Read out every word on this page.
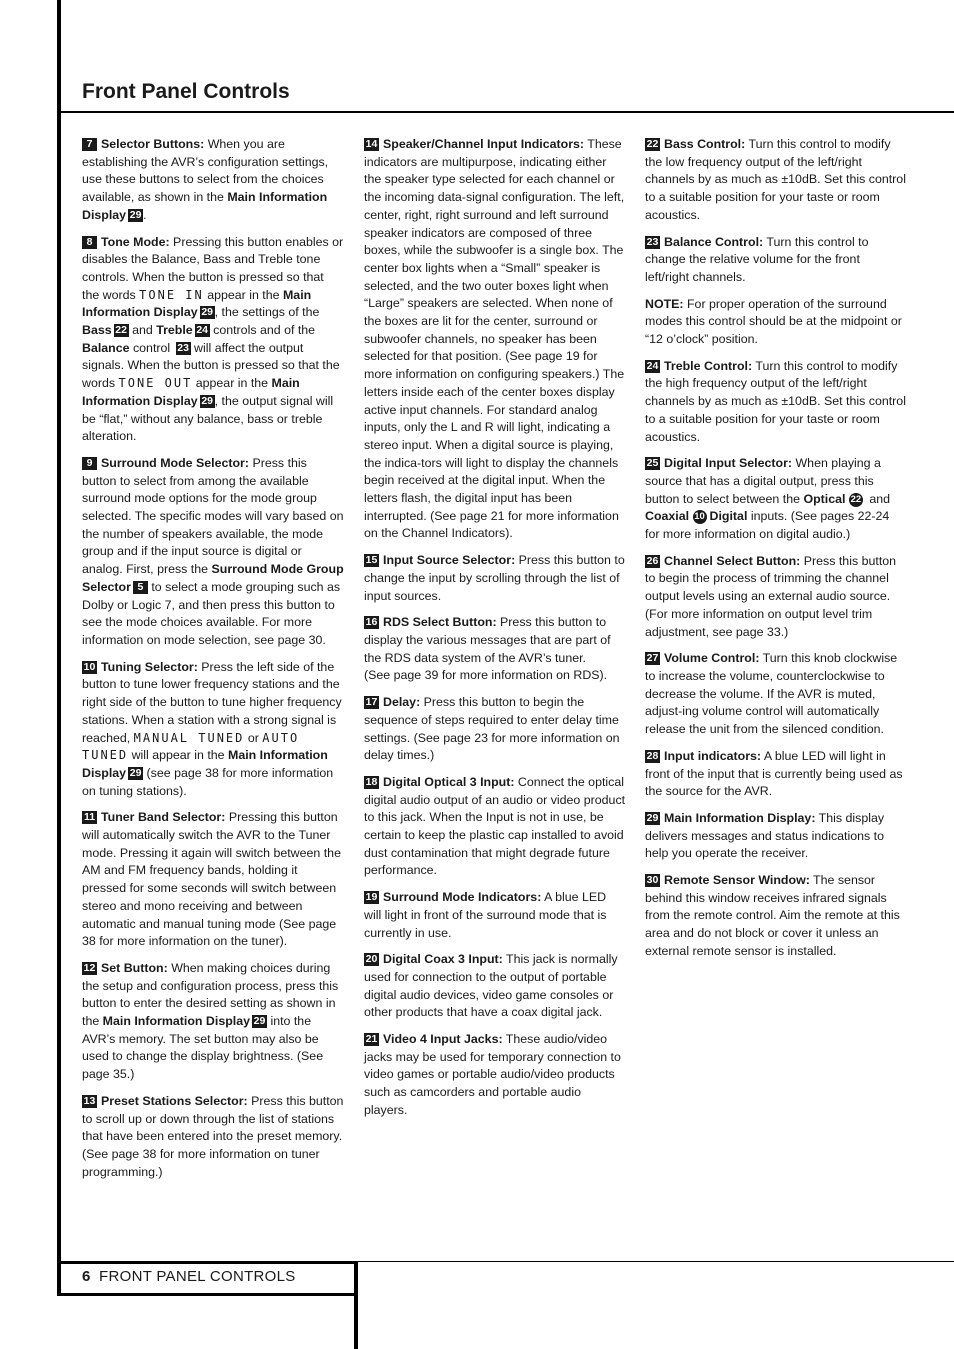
Front Panel Controls

7 Selector Buttons: When you are establishing the AVR’s configuration settings, use these buttons to select from the choices available, as shown in the Main Information Display 29 .

8 Tone Mode: Pressing this button enables or disables the Balance, Bass and Treble tone controls. When the button is pressed so that the words TONE IN appear in the Main Information Display 29 , the settings of the Bass 22 and Treble 24 controls and of the Balance control 23 will affect the output signals. When the button is pressed so that the words TONE OUT appear in the Main Information Display 29 , the output signal will be “flat,” without any balance, bass or treble alteration.

9 Surround Mode Selector: Press this button to select from among the available surround mode options for the mode group selected. The specific modes will vary based on the number of speakers available, the mode group and if the input source is digital or analog. First, press the Surround Mode Group Selector 5 to select a mode grouping such as Dolby or Logic 7, and then press this button to see the mode choices available. For more information on mode selection, see page 30.

10 Tuning Selector: Press the left side of the button to tune lower frequency stations and the right side of the button to tune higher frequency stations. When a station with a strong signal is reached, MANUAL TUNED or AUTO TUNED will appear in the Main Information Display 29 (see page 38 for more information on tuning stations).

11 Tuner Band Selector: Pressing this button will automatically switch the AVR to the Tuner mode. Pressing it again will switch between the AM and FM frequency bands, holding it pressed for some seconds will switch between stereo and mono receiving and between automatic and manual tuning mode (See page 38 for more information on the tuner).

12 Set Button: When making choices during the setup and configuration process, press this button to enter the desired setting as shown in the Main Information Display 29 into the AVR’s memory. The set button may also be used to change the display brightness. (See page 35.)

13 Preset Stations Selector: Press this button to scroll up or down through the list of stations that have been entered into the preset memory. (See page 38 for more information on tuner programming.)

14 Speaker/Channel Input Indicators: These indicators are multipurpose, indicating either the speaker type selected for each channel or the incoming data-signal configuration. The left, center, right, right surround and left surround speaker indicators are composed of three boxes, while the subwoofer is a single box. The center box lights when a “Small” speaker is selected, and the two outer boxes light when “Large” speakers are selected. When none of the boxes are lit for the center, surround or subwoofer channels, no speaker has been selected for that position. (See page 19 for more information on configuring speakers.) The letters inside each of the center boxes display active input channels. For standard analog inputs, only the L and R will light, indicating a stereo input. When a digital source is playing, the indica-tors will light to display the channels begin received at the digital input. When the letters flash, the digital input has been interrupted. (See page 21 for more information on the Channel Indicators).

15 Input Source Selector: Press this button to change the input by scrolling through the list of input sources.

16 RDS Select Button: Press this button to display the various messages that are part of the RDS data system of the AVR’s tuner.
(See page 39 for more information on RDS).

17 Delay: Press this button to begin the sequence of steps required to enter delay time settings. (See page 23 for more information on delay times.)

18 Digital Optical 3 Input: Connect the optical digital audio output of an audio or video product to this jack. When the Input is not in use, be certain to keep the plastic cap installed to avoid dust contamination that might degrade future performance.

19 Surround Mode Indicators: A blue LED will light in front of the surround mode that is currently in use.

20 Digital Coax 3 Input: This jack is normally used for connection to the output of portable digital audio devices, video game consoles or other products that have a coax digital jack.

21 Video 4 Input Jacks: These audio/video jacks may be used for temporary connection to video games or portable audio/video products such as camcorders and portable audio players.

22 Bass Control: Turn this control to modify the low frequency output of the left/right channels by as much as ±10dB. Set this control to a suitable position for your taste or room acoustics.

23 Balance Control: Turn this control to change the relative volume for the front left/right channels.

NOTE: For proper operation of the surround modes this control should be at the midpoint or “12 o’clock” position.

24 Treble Control: Turn this control to modify the high frequency output of the left/right channels by as much as ±10dB. Set this control to a suitable position for your taste or room acoustics.

25 Digital Input Selector: When playing a source that has a digital output, press this button to select between the Optical 22 and Coaxial 10 Digital inputs. (See pages 22-24 for more information on digital audio.)

26 Channel Select Button: Press this button to begin the process of trimming the channel output levels using an external audio source.
(For more information on output level trim adjustment, see page 33.)

27 Volume Control: Turn this knob clockwise to increase the volume, counterclockwise to decrease the volume. If the AVR is muted, adjust-ing volume control will automatically release the unit from the silenced condition.

28 Input indicators: A blue LED will light in front of the input that is currently being used as the source for the AVR.

29 Main Information Display: This display delivers messages and status indications to help you operate the receiver.

30 Remote Sensor Window: The sensor behind this window receives infrared signals from the remote control. Aim the remote at this area and do not block or cover it unless an external remote sensor is installed.

6 FRONT PANEL CONTROLS
